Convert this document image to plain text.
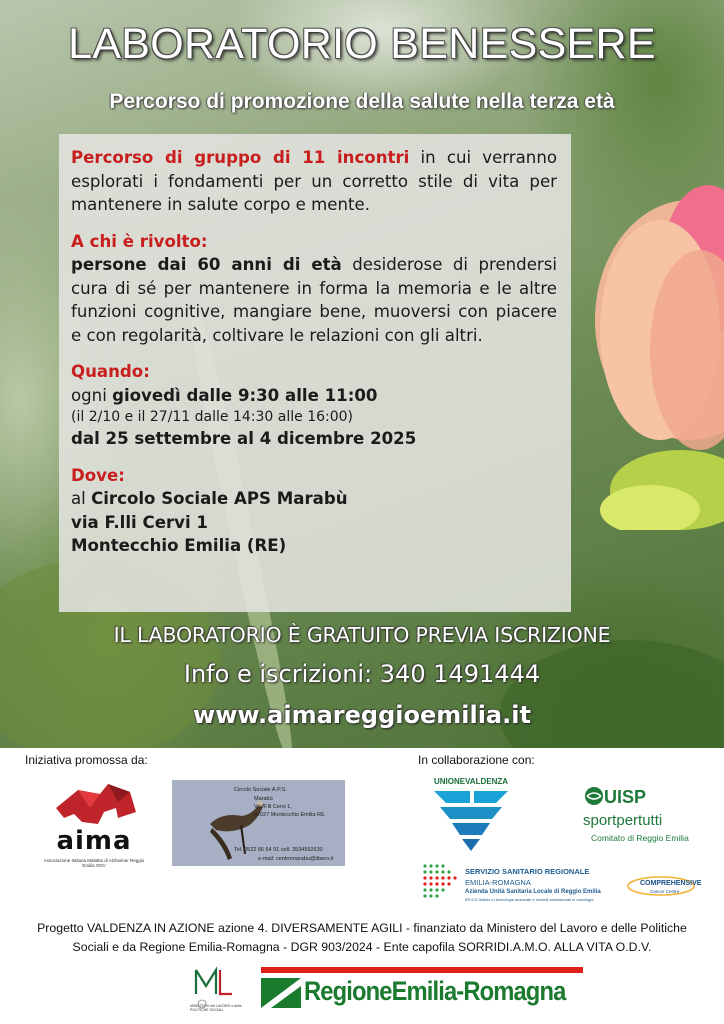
LABORATORIO BENESSERE
Percorso di promozione della salute nella terza età

Percorso di gruppo di 11 incontri in cui verranno esplorati i fondamenti per un corretto stile di vita per mantenere in salute corpo e mente.

A chi è rivolto:

persone dai 60 anni di età desiderose di prendersi cura di sé per mantenere in forma la memoria e le altre funzioni cognitive, mangiare bene, muoversi con piacere e con regolarità, coltivare le relazioni con gli altri.

Quando:

ogni giovedì dalle 9:30 alle 11:00

(il 2/10 e il 27/11 dalle 14:30 alle 16:00)

dal 25 settembre al 4 dicembre 2025

Dove:

al Circolo Sociale APS Marabù

via F.lli Cervi 1

Montecchio Emilia (RE)

IL LABORATORIO È GRATUITO PREVIA ISCRIZIONE

Info e iscrizioni: 340 1491444

www.aimareggioemilia.it

Iniziativa promossa da:	In collaborazione con:

aima
Associazione Italiana Malattia di Alzheimer Reggio Emilia ODV
Circolo Sociale A.P.S.
Marabù
Via F.lli Cervi 1,
42027 Montecchio Emilia RE
Tel. 0522 86 64 91 cell. 3534592630
e-mail: centromarabu@libero.it
UNIONEVALDENZA
UISP
sportpertutti
Comitato di Reggio Emilia
SERVIZIO SANITARIO REGIONALE
EMILIA-ROMAGNA
Azienda Unità Sanitaria Locale di Reggio Emilia
IRCCS Istituto in tecnologie avanzate e modelli assistenziali in oncologia
COMPREHENSIVE
Cancer Centre

Progetto VALDENZA IN AZIONE azione 4. DIVERSAMENTE AGILI - finanziato da Ministero del Lavoro e delle Politiche

Sociali e da Regione Emilia-Romagna - DGR 903/2024 - Ente capofila SORRIDI.A.M.O. ALLA VITA O.D.V.

MINISTERO del LAVORO e delle POLITICHE SOCIALI
RegioneEmilia-Romagna
